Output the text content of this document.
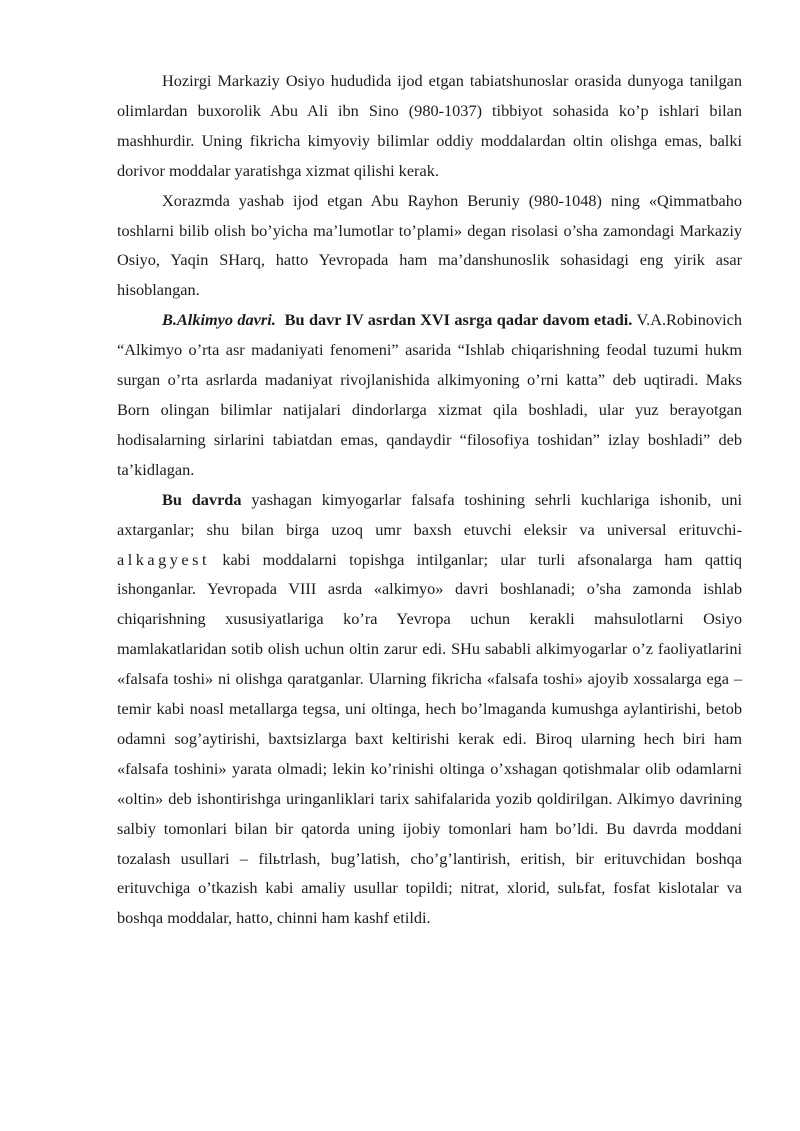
Hozirgi Markaziy Osiyo hududida ijod etgan tabiatshunoslar orasida dunyoga tanilgan olimlardan buxorolik Abu Ali ibn Sino (980-1037) tibbiyot sohasida ko’p ishlari bilan mashhurdir. Uning fikricha kimyoviy bilimlar oddiy moddalardan oltin olishga emas, balki dorivor moddalar yaratishga xizmat qilishi kerak.

Xorazmda yashab ijod etgan Abu Rayhon Beruniy (980-1048) ning «Qimmatbaho toshlarni bilib olish bo’yicha ma’lumotlar to’plami» degan risolasi o’sha zamondagi Markaziy Osiyo, Yaqin SHarq, hatto Yevropada ham ma’danshunoslik sohasidagi eng yirik asar hisoblangan.

B.Alkimyo davri. Bu davr IV asrdan XVI asrga qadar davom etadi. V.A.Robinovich “Alkimyo o’rta asr madaniyati fenomeni” asarida “Ishlab chiqarishning feodal tuzumi hukm surgan o’rta asrlarda madaniyat rivojlanishida alkimyoning o’rni katta” deb uqtiradi. Maks Born olingan bilimlar natijalari dindorlarga xizmat qila boshladi, ular yuz berayotgan hodisalarning sirlarini tabiatdan emas, qandaydir “filosofiya toshidan” izlay boshladi” deb ta’kidlagan.

Bu davrda yashagan kimyogarlar falsafa toshining sehrli kuchlariga ishonib, uni axtarganlar; shu bilan birga uzoq umr baxsh etuvchi eleksir va universal erituvchi- alkagyest kabi moddalarni topishga intilganlar; ular turli afsonalarga ham qattiq ishonganlar. Yevropada VIII asrda «alkimyo» davri boshlanadi; o’sha zamonda ishlab chiqarishning xususiyatlariga ko’ra Yevropa uchun kerakli mahsulotlarni Osiyo mamlakatlaridan sotib olish uchun oltin zarur edi. SHu sababli alkimyogarlar o’z faoliyatlarini «falsafa toshi» ni olishga qaratganlar. Ularning fikricha «falsafa toshi» ajoyib xossalarga ega – temir kabi noasl metallarga tegsa, uni oltinga, hech bo’lmaganda kumushga aylantirishi, betob odamni sog’aytirishi, baxtsizlarga baxt keltirishi kerak edi. Biroq ularning hech biri ham «falsafa toshini» yarata olmadi; lekin ko’rinishi oltinga o’xshagan qotishmalar olib odamlarni «oltin» deb ishontirishga uringanliklari tarix sahifalarida yozib qoldirilgan. Alkimyo davrining salbiy tomonlari bilan bir qatorda uning ijobiy tomonlari ham bo’ldi. Bu davrda moddani tozalash usullari – filьtrlash, bug’latish, cho’g’lantirish, eritish, bir erituvchidan boshqa erituvchiga o’tkazish kabi amaliy usullar topildi; nitrat, xlorid, sulьfat, fosfat kislotalar va boshqa moddalar, hatto, chinni ham kashf etildi.
